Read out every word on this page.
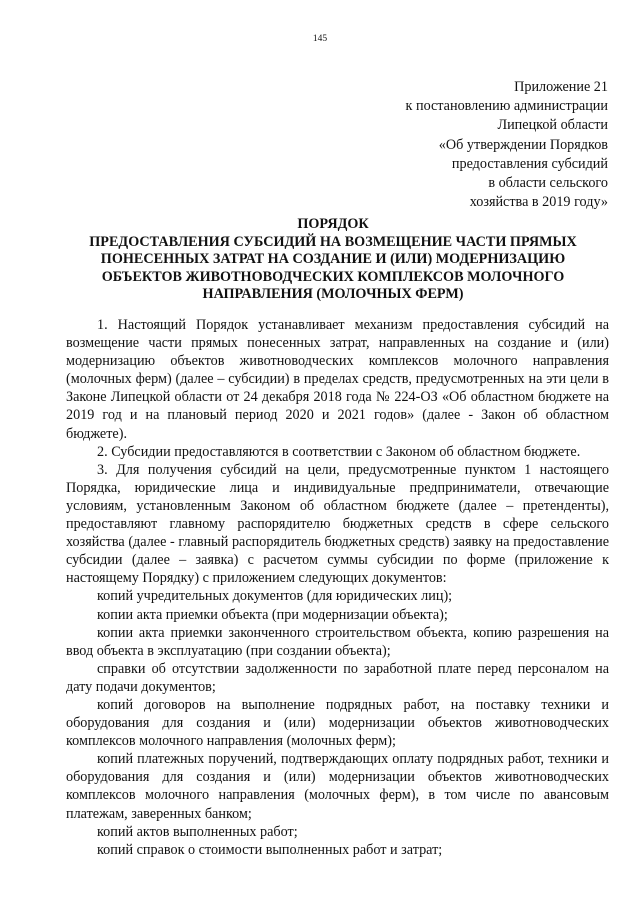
145
Приложение 21
к постановлению администрации
Липецкой области
«Об утверждении Порядков
предоставления субсидий
в области сельского
хозяйства в 2019 году»
ПОРЯДОК
ПРЕДОСТАВЛЕНИЯ СУБСИДИЙ НА ВОЗМЕЩЕНИЕ ЧАСТИ ПРЯМЫХ
ПОНЕСЕННЫХ ЗАТРАТ НА СОЗДАНИЕ И (ИЛИ) МОДЕРНИЗАЦИЮ
ОБЪЕКТОВ ЖИВОТНОВОДЧЕСКИХ КОМПЛЕКСОВ МОЛОЧНОГО
НАПРАВЛЕНИЯ (МОЛОЧНЫХ ФЕРМ)

1. Настоящий Порядок устанавливает механизм предоставления субсидий на возмещение части прямых понесенных затрат, направленных на создание и (или) модернизацию объектов животноводческих комплексов молочного направления (молочных ферм) (далее – субсидии) в пределах средств, предусмотренных на эти цели в Законе Липецкой области от 24 декабря 2018 года № 224-ОЗ «Об областном бюджете на 2019 год и на плановый период 2020 и 2021 годов» (далее - Закон об областном бюджете).

2. Субсидии предоставляются в соответствии с Законом об областном бюджете.

3. Для получения субсидий на цели, предусмотренные пунктом 1 настоящего Порядка, юридические лица и индивидуальные предприниматели, отвечающие условиям, установленным Законом об областном бюджете (далее – претенденты), предоставляют главному распорядителю бюджетных средств в сфере сельского хозяйства (далее - главный распорядитель бюджетных средств) заявку на предоставление субсидии (далее – заявка) с расчетом суммы субсидии по форме (приложение к настоящему Порядку) с приложением следующих документов:

копий учредительных документов (для юридических лиц);

копии акта приемки объекта (при модернизации объекта);

копии акта приемки законченного строительством объекта, копию разрешения на ввод объекта в эксплуатацию (при создании объекта);

справки об отсутствии задолженности по заработной плате перед персоналом на дату подачи документов;

копий договоров на выполнение подрядных работ, на поставку техники и оборудования для создания и (или) модернизации объектов животноводческих комплексов молочного направления (молочных ферм);

копий платежных поручений, подтверждающих оплату подрядных работ, техники и оборудования для создания и (или) модернизации объектов животноводческих комплексов молочного направления (молочных ферм), в том числе по авансовым платежам, заверенных банком;

копий актов выполненных работ;

копий справок о стоимости выполненных работ и затрат;
